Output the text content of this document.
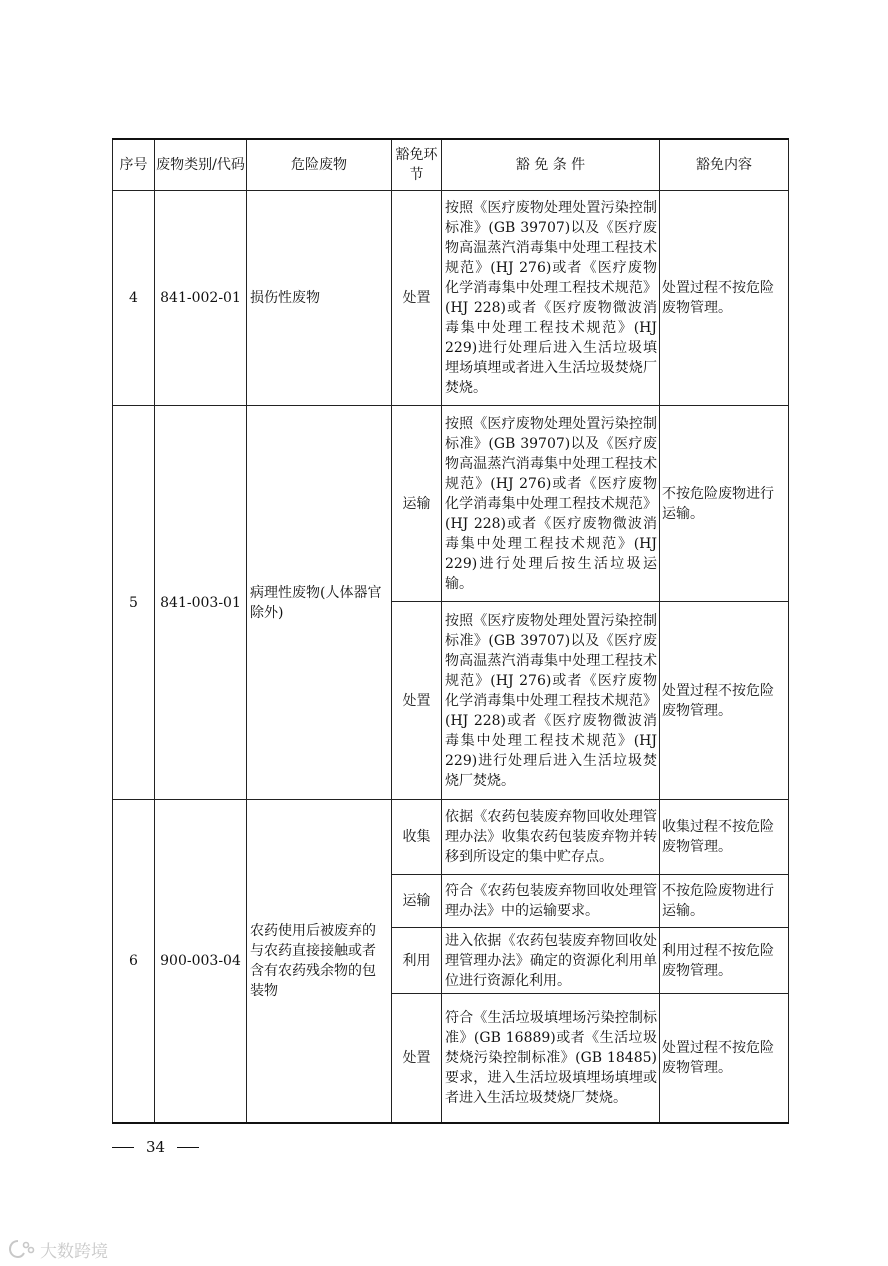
序号	废物类别/代码	危险废物	豁免环节	豁 免 条 件	豁免内容
4	841-002-01	损伤性废物	处置	按照《医疗废物处理处置污染控制标准》(GB 39707)以及《医疗废物高温蒸汽消毒集中处理工程技术规范》(HJ 276)或者《医疗废物化学消毒集中处理工程技术规范》(HJ 228)或者《医疗废物微波消毒集中处理工程技术规范》(HJ 229)进行处理后进入生活垃圾填埋场填埋或者进入生活垃圾焚烧厂焚烧。	处置过程不按危险废物管理。
5	841-003-01	病理性废物(人体器官除外)	运输	按照《医疗废物处理处置污染控制标准》(GB 39707)以及《医疗废物高温蒸汽消毒集中处理工程技术规范》(HJ 276)或者《医疗废物化学消毒集中处理工程技术规范》(HJ 228)或者《医疗废物微波消毒集中处理工程技术规范》(HJ 229)进行处理后按生活垃圾运输。	不按危险废物进行运输。
			处置	按照《医疗废物处理处置污染控制标准》(GB 39707)以及《医疗废物高温蒸汽消毒集中处理工程技术规范》(HJ 276)或者《医疗废物化学消毒集中处理工程技术规范》(HJ 228)或者《医疗废物微波消毒集中处理工程技术规范》(HJ 229)进行处理后进入生活垃圾焚烧厂焚烧。	处置过程不按危险废物管理。
6	900-003-04	农药使用后被废弃的与农药直接接触或者含有农药残余物的包装物	收集	依据《农药包装废弃物回收处理管理办法》收集农药包装废弃物并转移到所设定的集中贮存点。	收集过程不按危险废物管理。
			运输	符合《农药包装废弃物回收处理管理办法》中的运输要求。	不按危险废物进行运输。
			利用	进入依据《农药包装废弃物回收处理管理办法》确定的资源化利用单位进行资源化利用。	利用过程不按危险废物管理。
			处置	符合《生活垃圾填埋场污染控制标准》(GB 16889)或者《生活垃圾焚烧污染控制标准》(GB 18485)要求，进入生活垃圾填埋场填埋或者进入生活垃圾焚烧厂焚烧。	处置过程不按危险废物管理。
34
大数跨境
